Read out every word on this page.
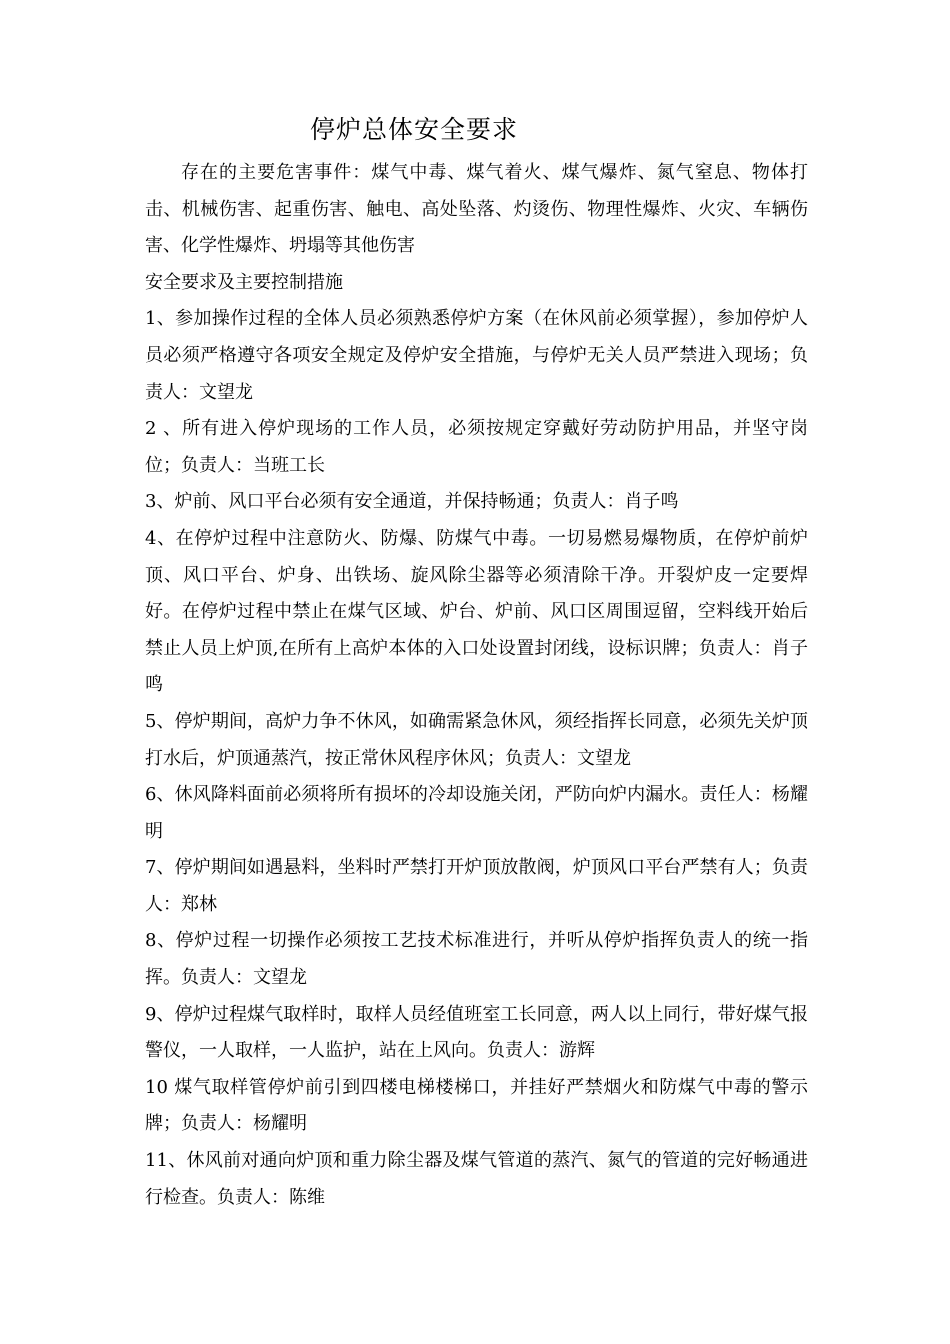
停炉总体安全要求

存在的主要危害事件：煤气中毒、煤气着火、煤气爆炸、氮气窒息、物体打击、机械伤害、起重伤害、触电、高处坠落、灼烫伤、物理性爆炸、火灾、车辆伤害、化学性爆炸、坍塌等其他伤害

安全要求及主要控制措施

1、参加操作过程的全体人员必须熟悉停炉方案（在休风前必须掌握），参加停炉人员必须严格遵守各项安全规定及停炉安全措施，与停炉无关人员严禁进入现场；负责人：文望龙

2 、所有进入停炉现场的工作人员，必须按规定穿戴好劳动防护用品，并坚守岗位；负责人：当班工长

3、炉前、风口平台必须有安全通道，并保持畅通；负责人：肖子鸣

4、在停炉过程中注意防火、防爆、防煤气中毒。一切易燃易爆物质，在停炉前炉顶、风口平台、炉身、出铁场、旋风除尘器等必须清除干净。开裂炉皮一定要焊好。在停炉过程中禁止在煤气区域、炉台、炉前、风口区周围逗留，空料线开始后禁止人员上炉顶,在所有上高炉本体的入口处设置封闭线，设标识牌；负责人：肖子鸣

5、停炉期间，高炉力争不休风，如确需紧急休风，须经指挥长同意，必须先关炉顶打水后，炉顶通蒸汽，按正常休风程序休风；负责人：文望龙

6、休风降料面前必须将所有损坏的冷却设施关闭，严防向炉内漏水。责任人：杨耀明

7、停炉期间如遇悬料，坐料时严禁打开炉顶放散阀，炉顶风口平台严禁有人；负责人：郑林

8、停炉过程一切操作必须按工艺技术标准进行，并听从停炉指挥负责人的统一指挥。负责人：文望龙

9、停炉过程煤气取样时，取样人员经值班室工长同意，两人以上同行，带好煤气报警仪，一人取样，一人监护，站在上风向。负责人：游辉

10 煤气取样管停炉前引到四楼电梯楼梯口，并挂好严禁烟火和防煤气中毒的警示牌；负责人：杨耀明

11、休风前对通向炉顶和重力除尘器及煤气管道的蒸汽、氮气的管道的完好畅通进行检查。负责人：陈维
